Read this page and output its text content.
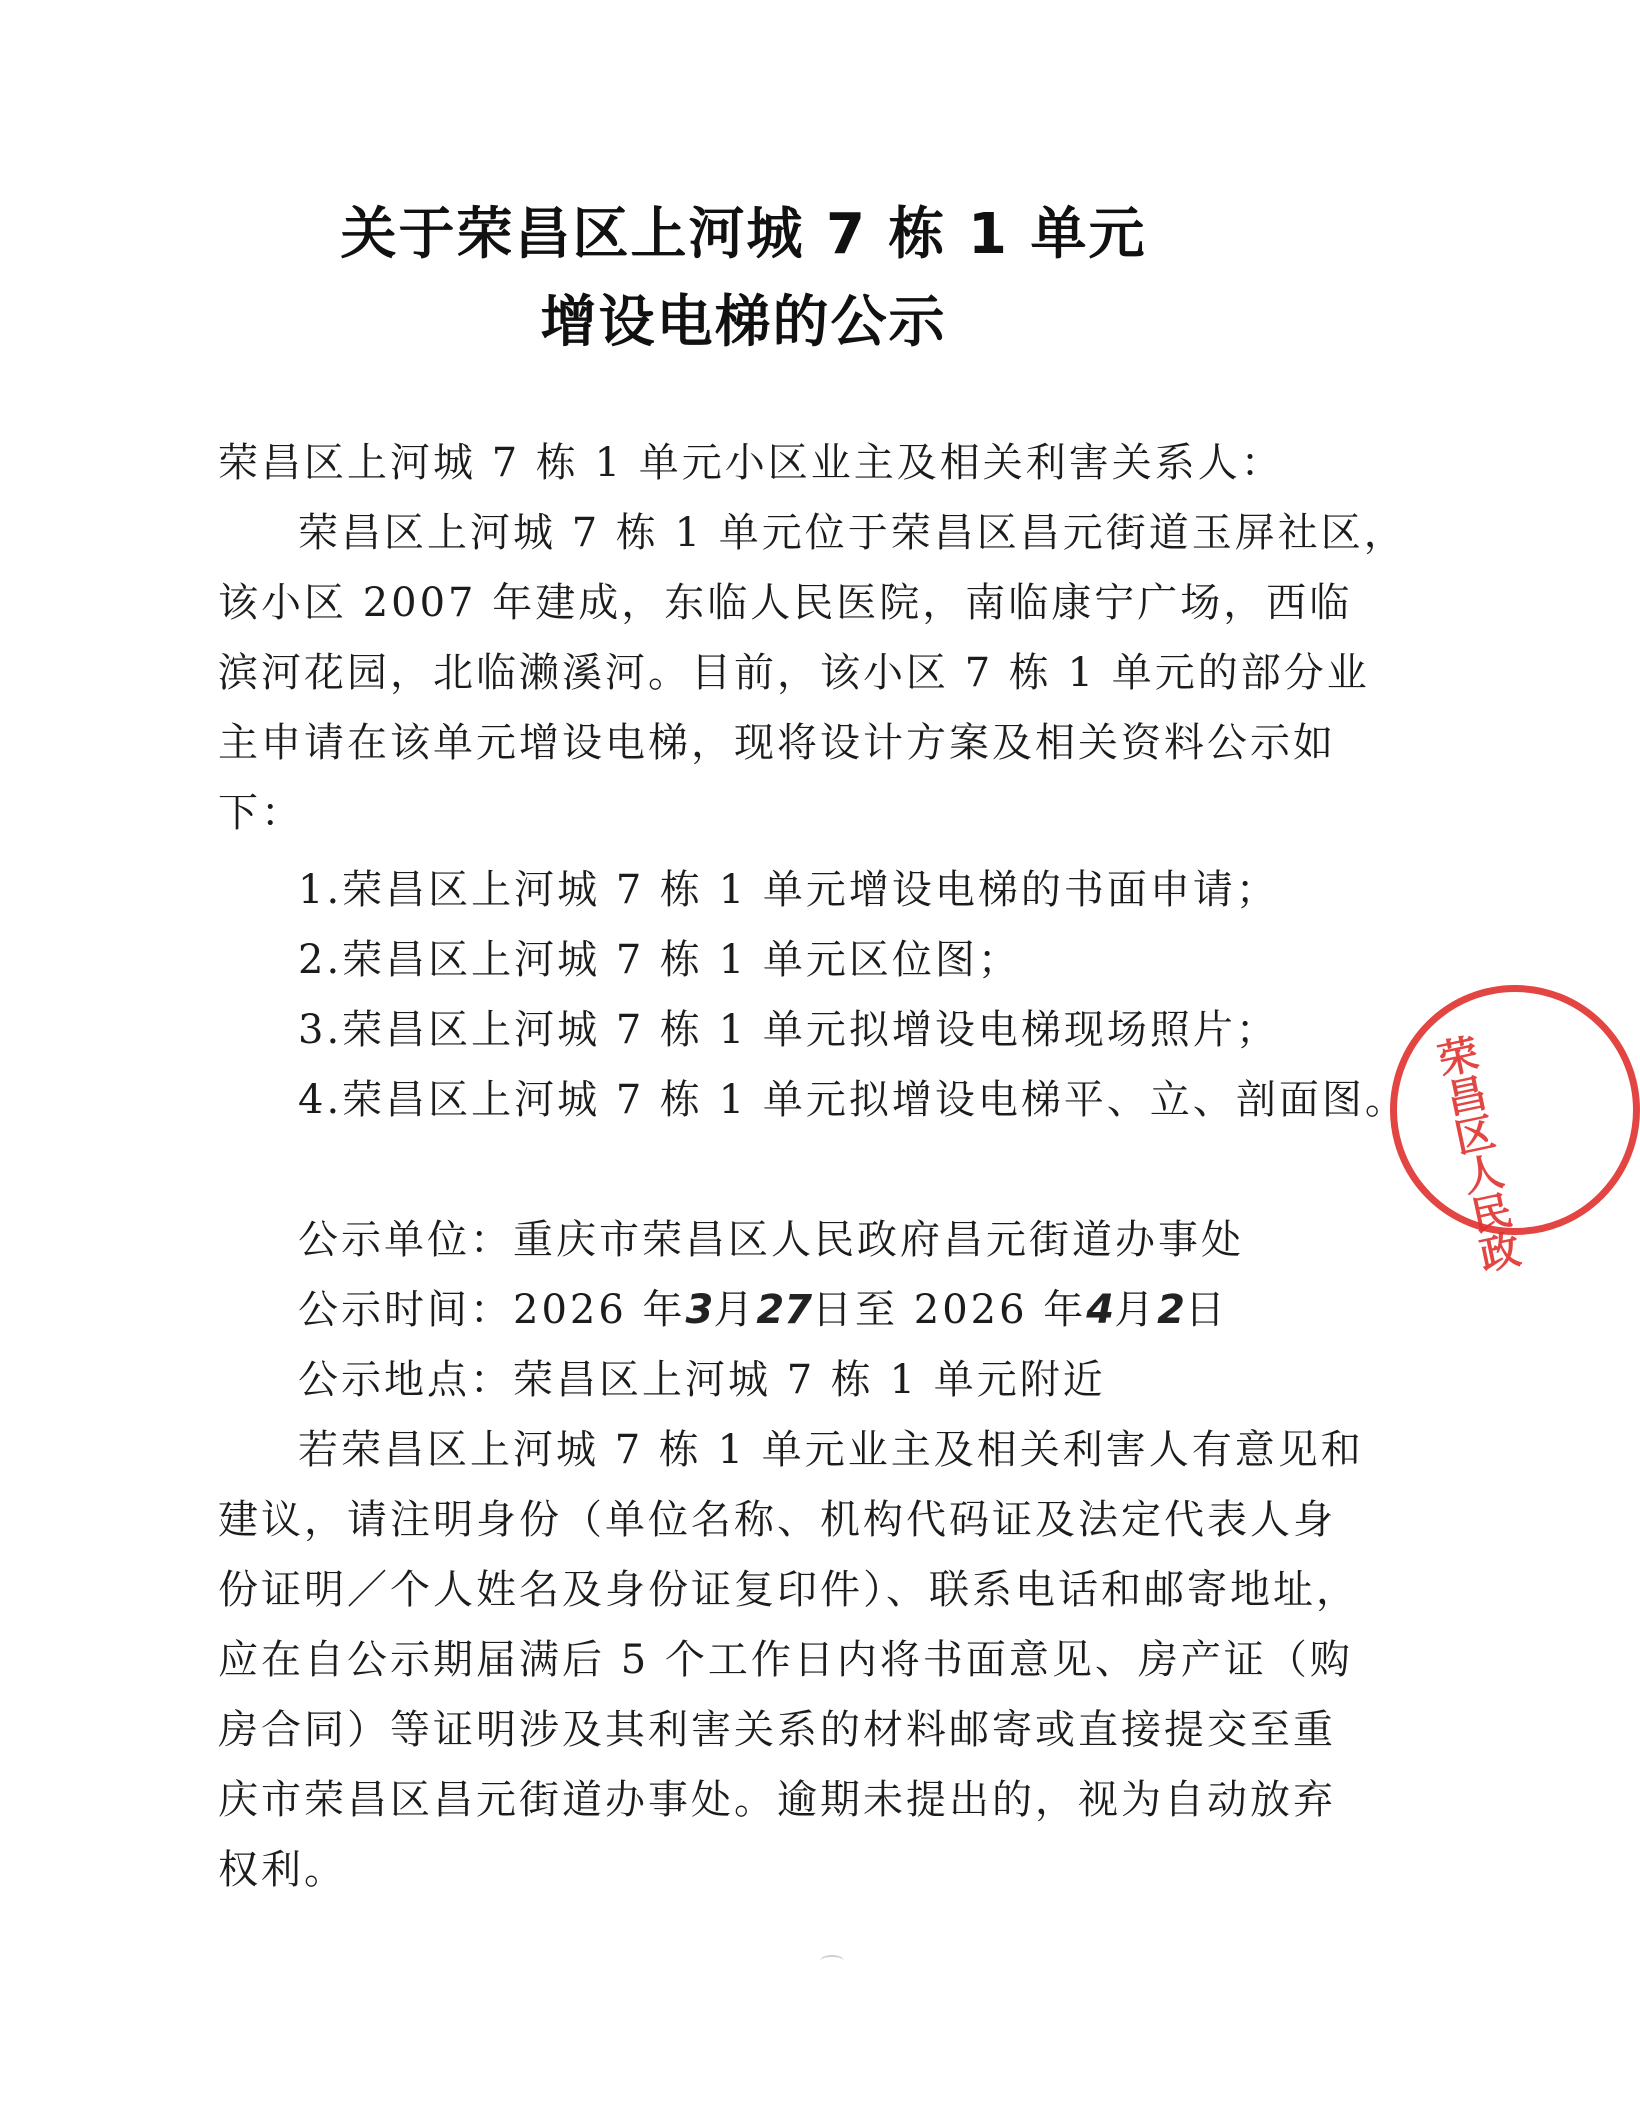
关于荣昌区上河城 7 栋 1 单元
增设电梯的公示
荣昌区上河城 7 栋 1 单元小区业主及相关利害关系人：
荣昌区上河城 7 栋 1 单元位于荣昌区昌元街道玉屏社区，
该小区 2007 年建成，东临人民医院，南临康宁广场，西临
滨河花园，北临濑溪河。目前，该小区 7 栋 1 单元的部分业
主申请在该单元增设电梯，现将设计方案及相关资料公示如
下：
1.荣昌区上河城 7 栋 1 单元增设电梯的书面申请；
2.荣昌区上河城 7 栋 1 单元区位图；
3.荣昌区上河城 7 栋 1 单元拟增设电梯现场照片；
4.荣昌区上河城 7 栋 1 单元拟增设电梯平、立、剖面图。
公示单位：重庆市荣昌区人民政府昌元街道办事处
公示时间：2026 年3月27日至 2026 年4月2日
公示地点：荣昌区上河城 7 栋 1 单元附近
若荣昌区上河城 7 栋 1 单元业主及相关利害人有意见和
建议，请注明身份（单位名称、机构代码证及法定代表人身
份证明／个人姓名及身份证复印件）、联系电话和邮寄地址，
应在自公示期届满后 5 个工作日内将书面意见、房产证（购
房合同）等证明涉及其利害关系的材料邮寄或直接提交至重
庆市荣昌区昌元街道办事处。逾期未提出的，视为自动放弃
权利。
荣昌区人民政
